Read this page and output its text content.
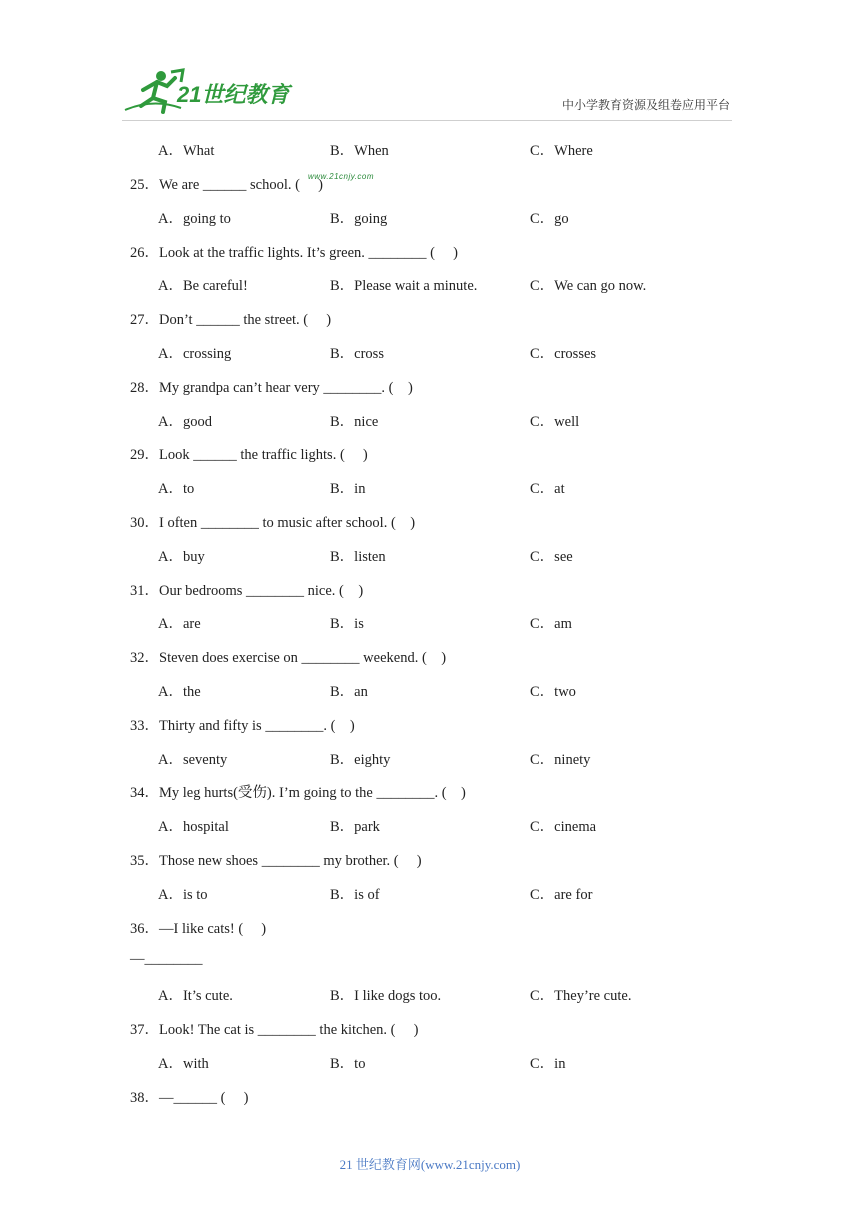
21世纪教育
www.21cnjy.com
中小学教育资源及组卷应用平台
A．What	B．When	C．Where
25．We are ______ school. (     )
A．going to	B．going	C．go
26．Look at the traffic lights. It’s green. ________ (     )
A．Be careful!	B．Please wait a minute.	C．We can go now.
27．Don’t ______ the street. (     )
A．crossing	B．cross	C．crosses
28．My grandpa can’t hear very ________. (    )
A．good	B．nice	C．well
29．Look ______ the traffic lights. (     )
A．to	B．in	C．at
30．I often ________ to music after school. (    )
A．buy	B．listen	C．see
31．Our bedrooms ________ nice. (    )
A．are	B．is	C．am
32．Steven does exercise on ________ weekend. (    )
A．the	B．an	C．two
33．Thirty and fifty is ________. (    )
A．seventy	B．eighty	C．ninety
34．My leg hurts(受伤). I’m going to the ________. (    )
A．hospital	B．park	C．cinema
35．Those new shoes ________ my brother. (     )
A．is to	B．is of	C．are for
36．—I like cats! (     )
—________
A．It’s cute.	B．I like dogs too.	C．They’re cute.
37．Look! The cat is ________ the kitchen. (     )
A．with	B．to	C．in
38．—______ (     )
21 世纪教育网(www.21cnjy.com)
